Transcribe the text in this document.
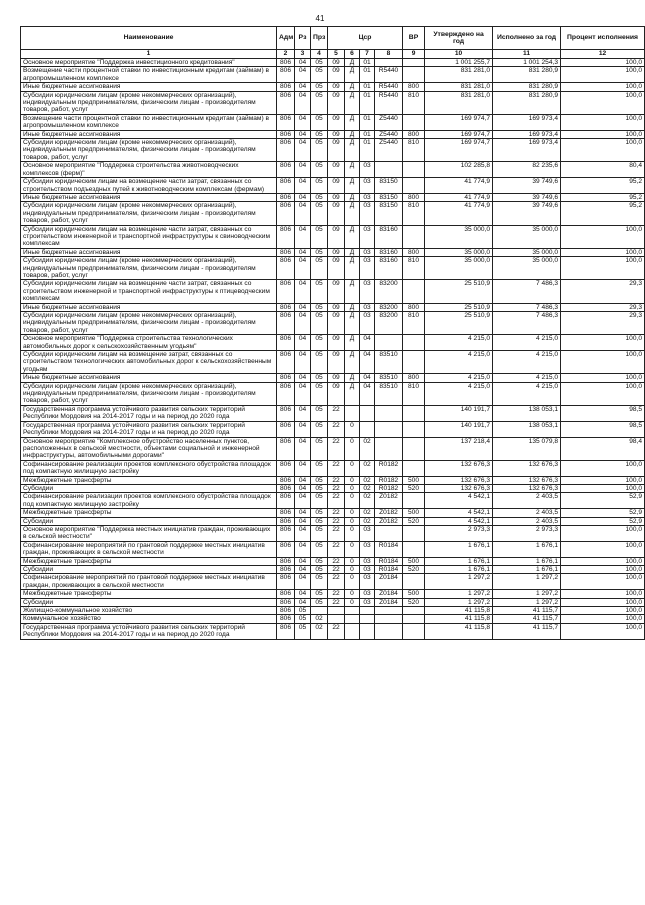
41
Наименование	Адм	Рз	Прз	Цср				ВР	Утверждено на год	Исполнено за год	Процент исполнения
1	2	3	4	5	6	7	8	9	10	11	12
Основное мероприятие "Поддержка инвестиционного кредитования"	806	04	05	09	Д	01			1 001 255,7	1 001 254,3	100,0
Возмещение части процентной ставки по инвестиционным кредитам (займам) в агропромышленном комплексе	806	04	05	09	Д	01	R5440		831 281,0	831 280,9	100,0
Иные бюджетные ассигнования	806	04	05	09	Д	01	R5440	800	831 281,0	831 280,9	100,0
Субсидии юридическим лицам (кроме некоммерческих организаций), индивидуальным предпринимателям, физическим лицам - производителям товаров, работ, услуг	806	04	05	09	Д	01	R5440	810	831 281,0	831 280,9	100,0
Возмещение части процентной ставки по инвестиционным кредитам (займам) в агропромышленном комплексе	806	04	05	09	Д	01	Z5440		169 974,7	169 973,4	100,0
Иные бюджетные ассигнования	806	04	05	09	Д	01	Z5440	800	169 974,7	169 973,4	100,0
Субсидии юридическим лицам (кроме некоммерческих организаций), индивидуальным предпринимателям, физическим лицам - производителям товаров, работ, услуг	806	04	05	09	Д	01	Z5440	810	169 974,7	169 973,4	100,0
Основное мероприятие "Поддержка строительства животноводческих комплексов (ферм)"	806	04	05	09	Д	03			102 285,8	82 235,6	80,4
Субсидии юридическим лицам на возмещение части затрат, связанных со строительством подъездных путей к животноводческим комплексам (фермам)	806	04	05	09	Д	03	83150		41 774,9	39 749,6	95,2
Иные бюджетные ассигнования	806	04	05	09	Д	03	83150	800	41 774,9	39 749,6	95,2
Субсидии юридическим лицам (кроме некоммерческих организаций), индивидуальным предпринимателям, физическим лицам - производителям товаров, работ, услуг	806	04	05	09	Д	03	83150	810	41 774,9	39 749,6	95,2
Субсидии юридическим лицам на возмещение части затрат, связанных со строительством инженерной и транспортной инфраструктуры к свиноводческим комплексам	806	04	05	09	Д	03	83160		35 000,0	35 000,0	100,0
Иные бюджетные ассигнования	806	04	05	09	Д	03	83160	800	35 000,0	35 000,0	100,0
Субсидии юридическим лицам (кроме некоммерческих организаций), индивидуальным предпринимателям, физическим лицам - производителям товаров, работ, услуг	806	04	05	09	Д	03	83160	810	35 000,0	35 000,0	100,0
Субсидии юридическим лицам на возмещение части затрат, связанных со строительством инженерной и транспортной инфраструктуры к птицеводческим комплексам	806	04	05	09	Д	03	83200		25 510,9	7 486,3	29,3
Иные бюджетные ассигнования	806	04	05	09	Д	03	83200	800	25 510,9	7 486,3	29,3
Субсидии юридическим лицам (кроме некоммерческих организаций), индивидуальным предпринимателям, физическим лицам - производителям товаров, работ, услуг	806	04	05	09	Д	03	83200	810	25 510,9	7 486,3	29,3
Основное мероприятие "Поддержка строительства технологических автомобильных дорог к сельскохозяйственным угодьям"	806	04	05	09	Д	04			4 215,0	4 215,0	100,0
Субсидии юридическим лицам на возмещение затрат, связанных со строительством технологических автомобильных дорог к сельскохозяйственным угодьям	806	04	05	09	Д	04	83510		4 215,0	4 215,0	100,0
Иные бюджетные ассигнования	806	04	05	09	Д	04	83510	800	4 215,0	4 215,0	100,0
Субсидии юридическим лицам (кроме некоммерческих организаций), индивидуальным предпринимателям, физическим лицам - производителям товаров, работ, услуг	806	04	05	09	Д	04	83510	810	4 215,0	4 215,0	100,0
Государственная программа устойчивого развития сельских территорий Республики Мордовия на 2014-2017 годы и на период до 2020 года	806	04	05	22					140 191,7	138 053,1	98,5
Государственная программа устойчивого развития сельских территорий Республики Мордовия на 2014-2017 годы и на период до 2020 года	806	04	05	22	0				140 191,7	138 053,1	98,5
Основное мероприятие "Комплексное обустройство населенных пунктов, расположенных в сельской местности, объектами социальной и инженерной инфраструктуры, автомобильными дорогами"	806	04	05	22	0	02			137 218,4	135 079,8	98,4
Софинансирование реализации проектов комплексного обустройства площадок под компактную жилищную застройку	806	04	05	22	0	02	R0182		132 676,3	132 676,3	100,0
Межбюджетные трансферты	806	04	05	22	0	02	R0182	500	132 676,3	132 676,3	100,0
Субсидии	806	04	05	22	0	02	R0182	520	132 676,3	132 676,3	100,0
Софинансирование реализации проектов комплексного обустройства площадок под компактную жилищную застройку	806	04	05	22	0	02	Z0182		4 542,1	2 403,5	52,9
Межбюджетные трансферты	806	04	05	22	0	02	Z0182	500	4 542,1	2 403,5	52,9
Субсидии	806	04	05	22	0	02	Z0182	520	4 542,1	2 403,5	52,9
Основное мероприятие "Поддержка местных инициатив граждан, проживающих в сельской местности"	806	04	05	22	0	03			2 973,3	2 973,3	100,0
Софинансирование мероприятий по грантовой поддержке местных инициатив граждан, проживающих в сельской местности	806	04	05	22	0	03	R0184		1 676,1	1 676,1	100,0
Межбюджетные трансферты	806	04	05	22	0	03	R0184	500	1 676,1	1 676,1	100,0
Субсидии	806	04	05	22	0	03	R0184	520	1 676,1	1 676,1	100,0
Софинансирование мероприятий по грантовой поддержке местных инициатив граждан, проживающих в сельской местности	806	04	05	22	0	03	Z0184		1 297,2	1 297,2	100,0
Межбюджетные трансферты	806	04	05	22	0	03	Z0184	500	1 297,2	1 297,2	100,0
Субсидии	806	04	05	22	0	03	Z0184	520	1 297,2	1 297,2	100,0
Жилищно-коммунальное хозяйство	806	05							41 115,8	41 115,7	100,0
Коммунальное хозяйство	806	05	02						41 115,8	41 115,7	100,0
Государственная программа устойчивого развития сельских территорий Республики Мордовия на 2014-2017 годы и на период до 2020 года	806	05	02	22					41 115,8	41 115,7	100,0
